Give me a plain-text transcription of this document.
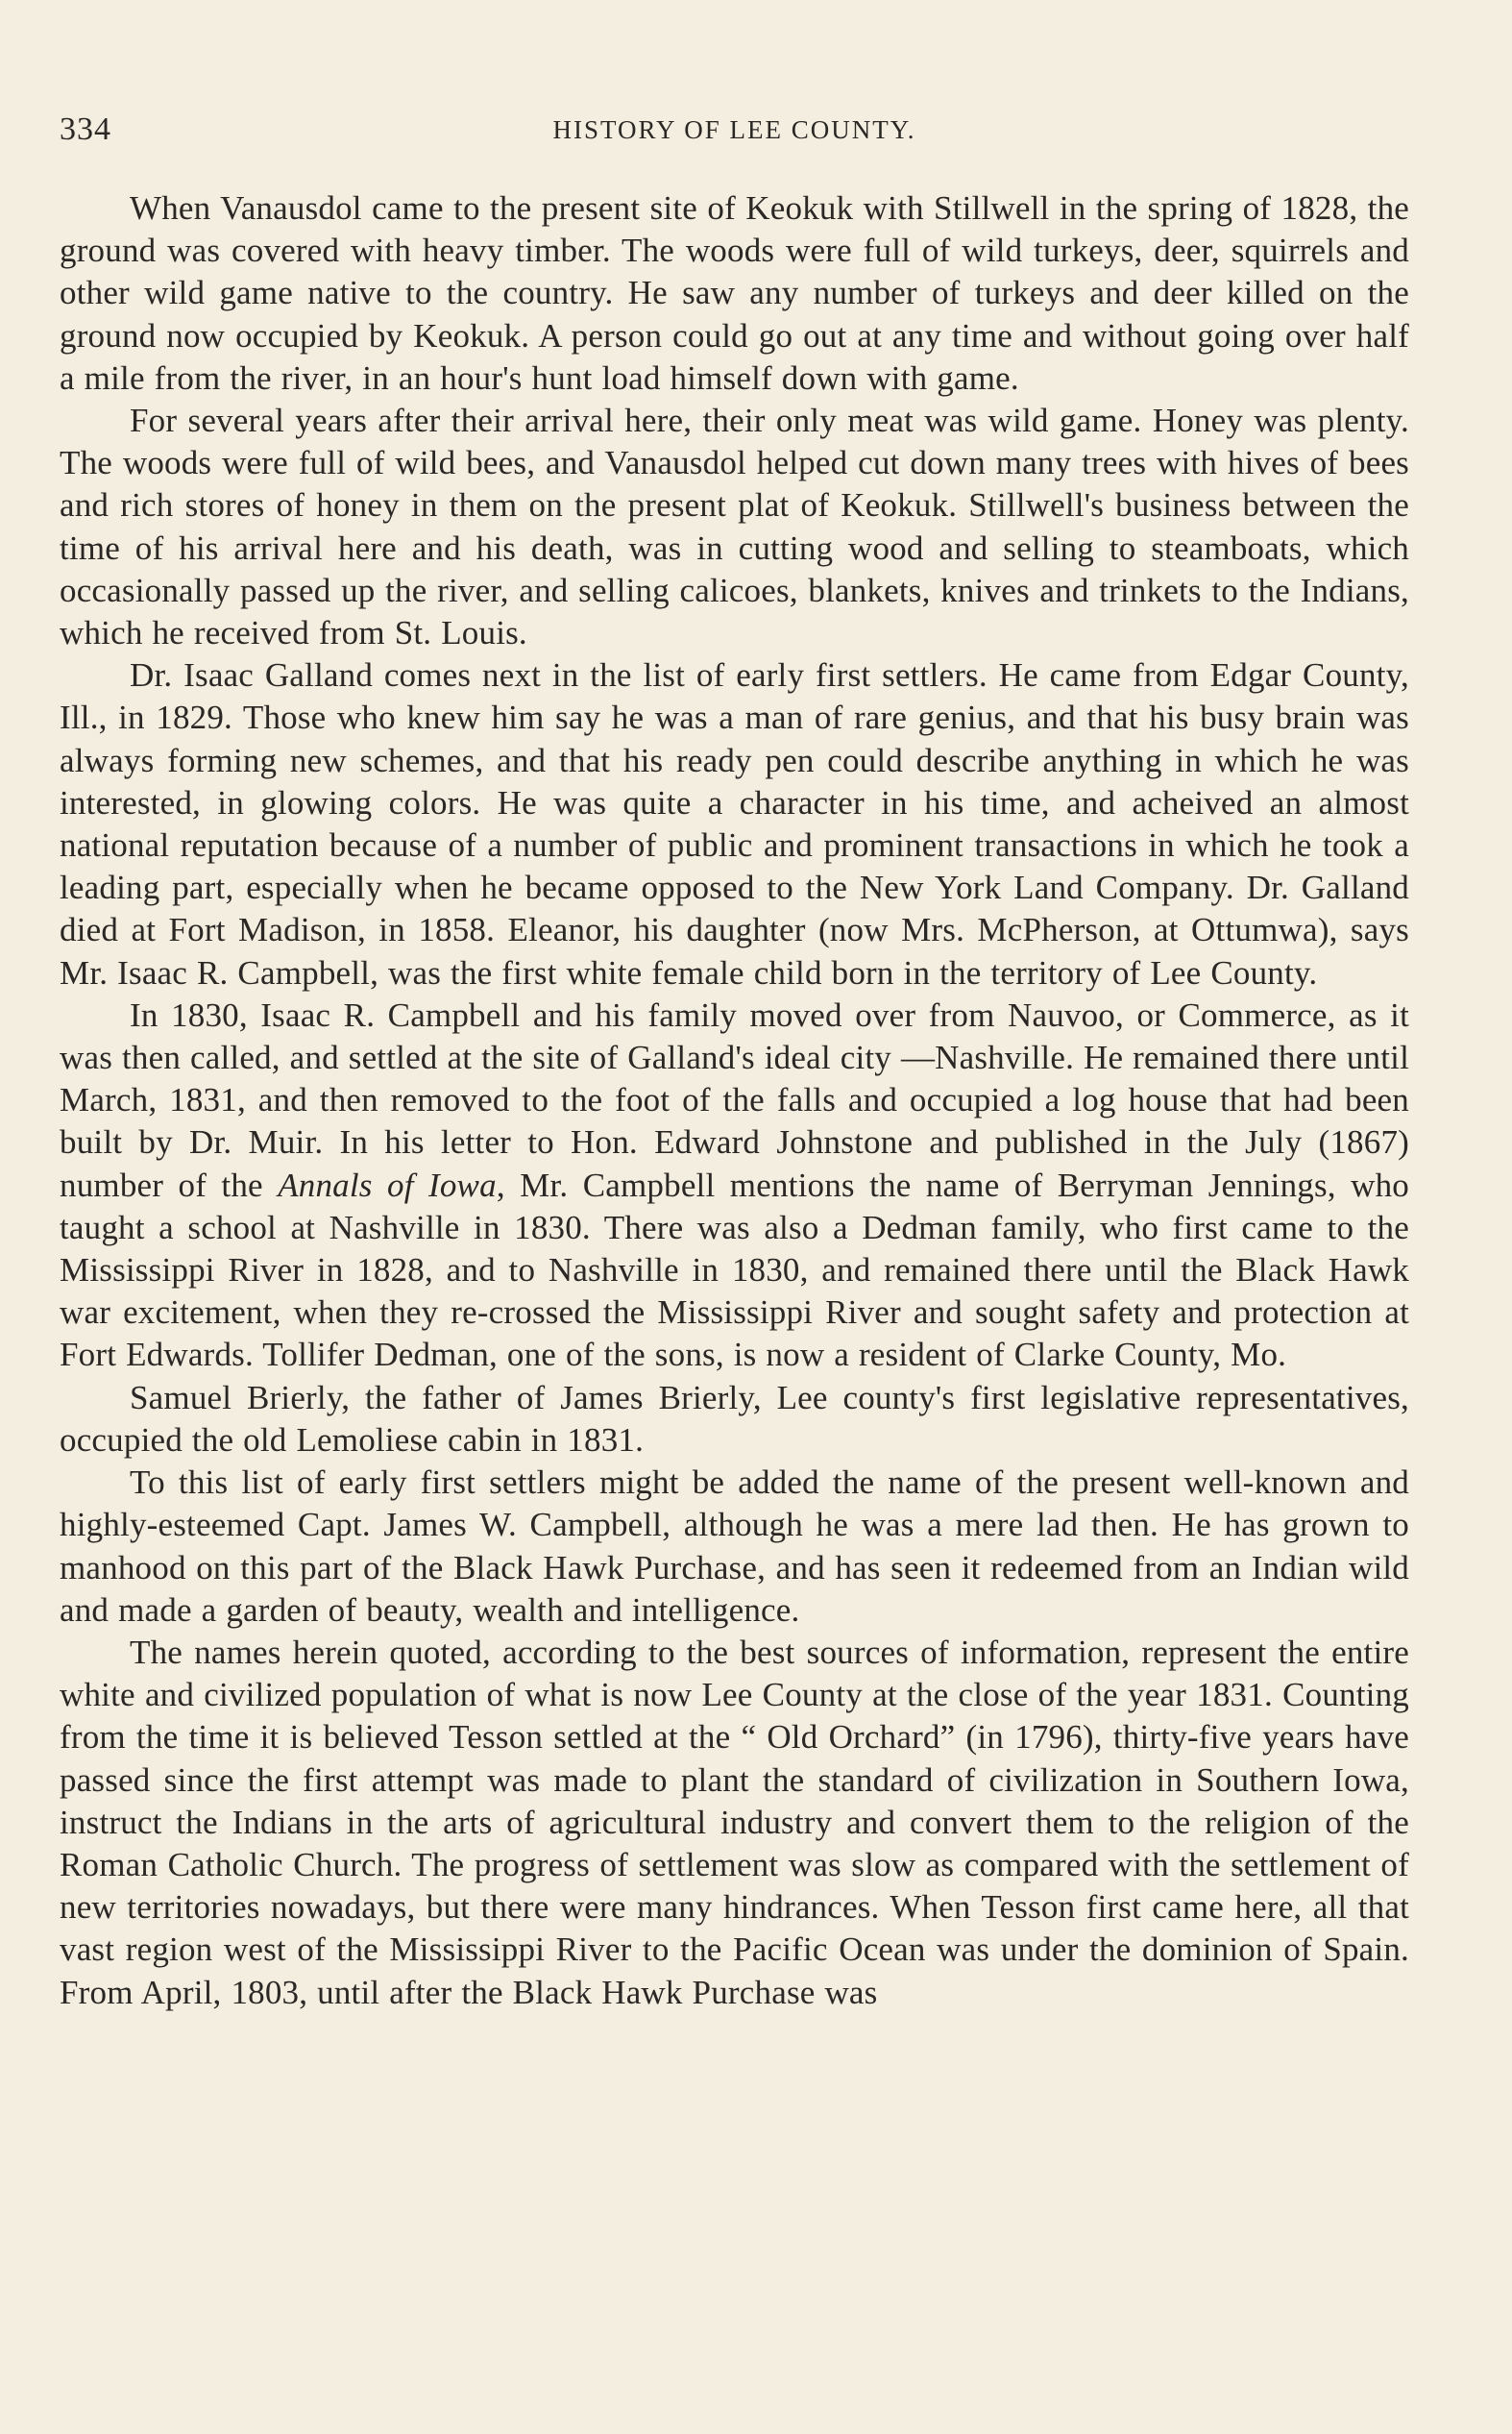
334	HISTORY OF LEE COUNTY.

When Vanausdol came to the present site of Keokuk with Stillwell in the spring of 1828, the ground was covered with heavy timber. The woods were full of wild turkeys, deer, squirrels and other wild game native to the country. He saw any number of turkeys and deer killed on the ground now occupied by Keokuk. A person could go out at any time and without going over half a mile from the river, in an hour's hunt load himself down with game.

For several years after their arrival here, their only meat was wild game. Honey was plenty. The woods were full of wild bees, and Vanausdol helped cut down many trees with hives of bees and rich stores of honey in them on the present plat of Keokuk. Stillwell's business between the time of his arrival here and his death, was in cutting wood and selling to steamboats, which occasionally passed up the river, and selling calicoes, blankets, knives and trinkets to the Indians, which he received from St. Louis.

Dr. Isaac Galland comes next in the list of early first settlers. He came from Edgar County, Ill., in 1829. Those who knew him say he was a man of rare genius, and that his busy brain was always forming new schemes, and that his ready pen could describe anything in which he was interested, in glowing colors. He was quite a character in his time, and acheived an almost national reputation because of a number of public and prominent transactions in which he took a leading part, especially when he became opposed to the New York Land Company. Dr. Galland died at Fort Madison, in 1858. Eleanor, his daughter (now Mrs. McPherson, at Ottumwa), says Mr. Isaac R. Campbell, was the first white female child born in the territory of Lee County.

In 1830, Isaac R. Campbell and his family moved over from Nauvoo, or Commerce, as it was then called, and settled at the site of Galland's ideal city —Nashville. He remained there until March, 1831, and then removed to the foot of the falls and occupied a log house that had been built by Dr. Muir. In his letter to Hon. Edward Johnstone and published in the July (1867) number of the Annals of Iowa, Mr. Campbell mentions the name of Berryman Jennings, who taught a school at Nashville in 1830. There was also a Dedman family, who first came to the Mississippi River in 1828, and to Nashville in 1830, and remained there until the Black Hawk war excitement, when they re-crossed the Mississippi River and sought safety and protection at Fort Edwards. Tollifer Dedman, one of the sons, is now a resident of Clarke County, Mo.

Samuel Brierly, the father of James Brierly, Lee county's first legislative representatives, occupied the old Lemoliese cabin in 1831.

To this list of early first settlers might be added the name of the present well-known and highly-esteemed Capt. James W. Campbell, although he was a mere lad then. He has grown to manhood on this part of the Black Hawk Purchase, and has seen it redeemed from an Indian wild and made a garden of beauty, wealth and intelligence.

The names herein quoted, according to the best sources of information, represent the entire white and civilized population of what is now Lee County at the close of the year 1831. Counting from the time it is believed Tesson settled at the “ Old Orchard” (in 1796), thirty-five years have passed since the first attempt was made to plant the standard of civilization in Southern Iowa, instruct the Indians in the arts of agricultural industry and convert them to the religion of the Roman Catholic Church. The progress of settlement was slow as compared with the settlement of new territories nowadays, but there were many hindrances. When Tesson first came here, all that vast region west of the Mississippi River to the Pacific Ocean was under the dominion of Spain. From April, 1803, until after the Black Hawk Purchase was
